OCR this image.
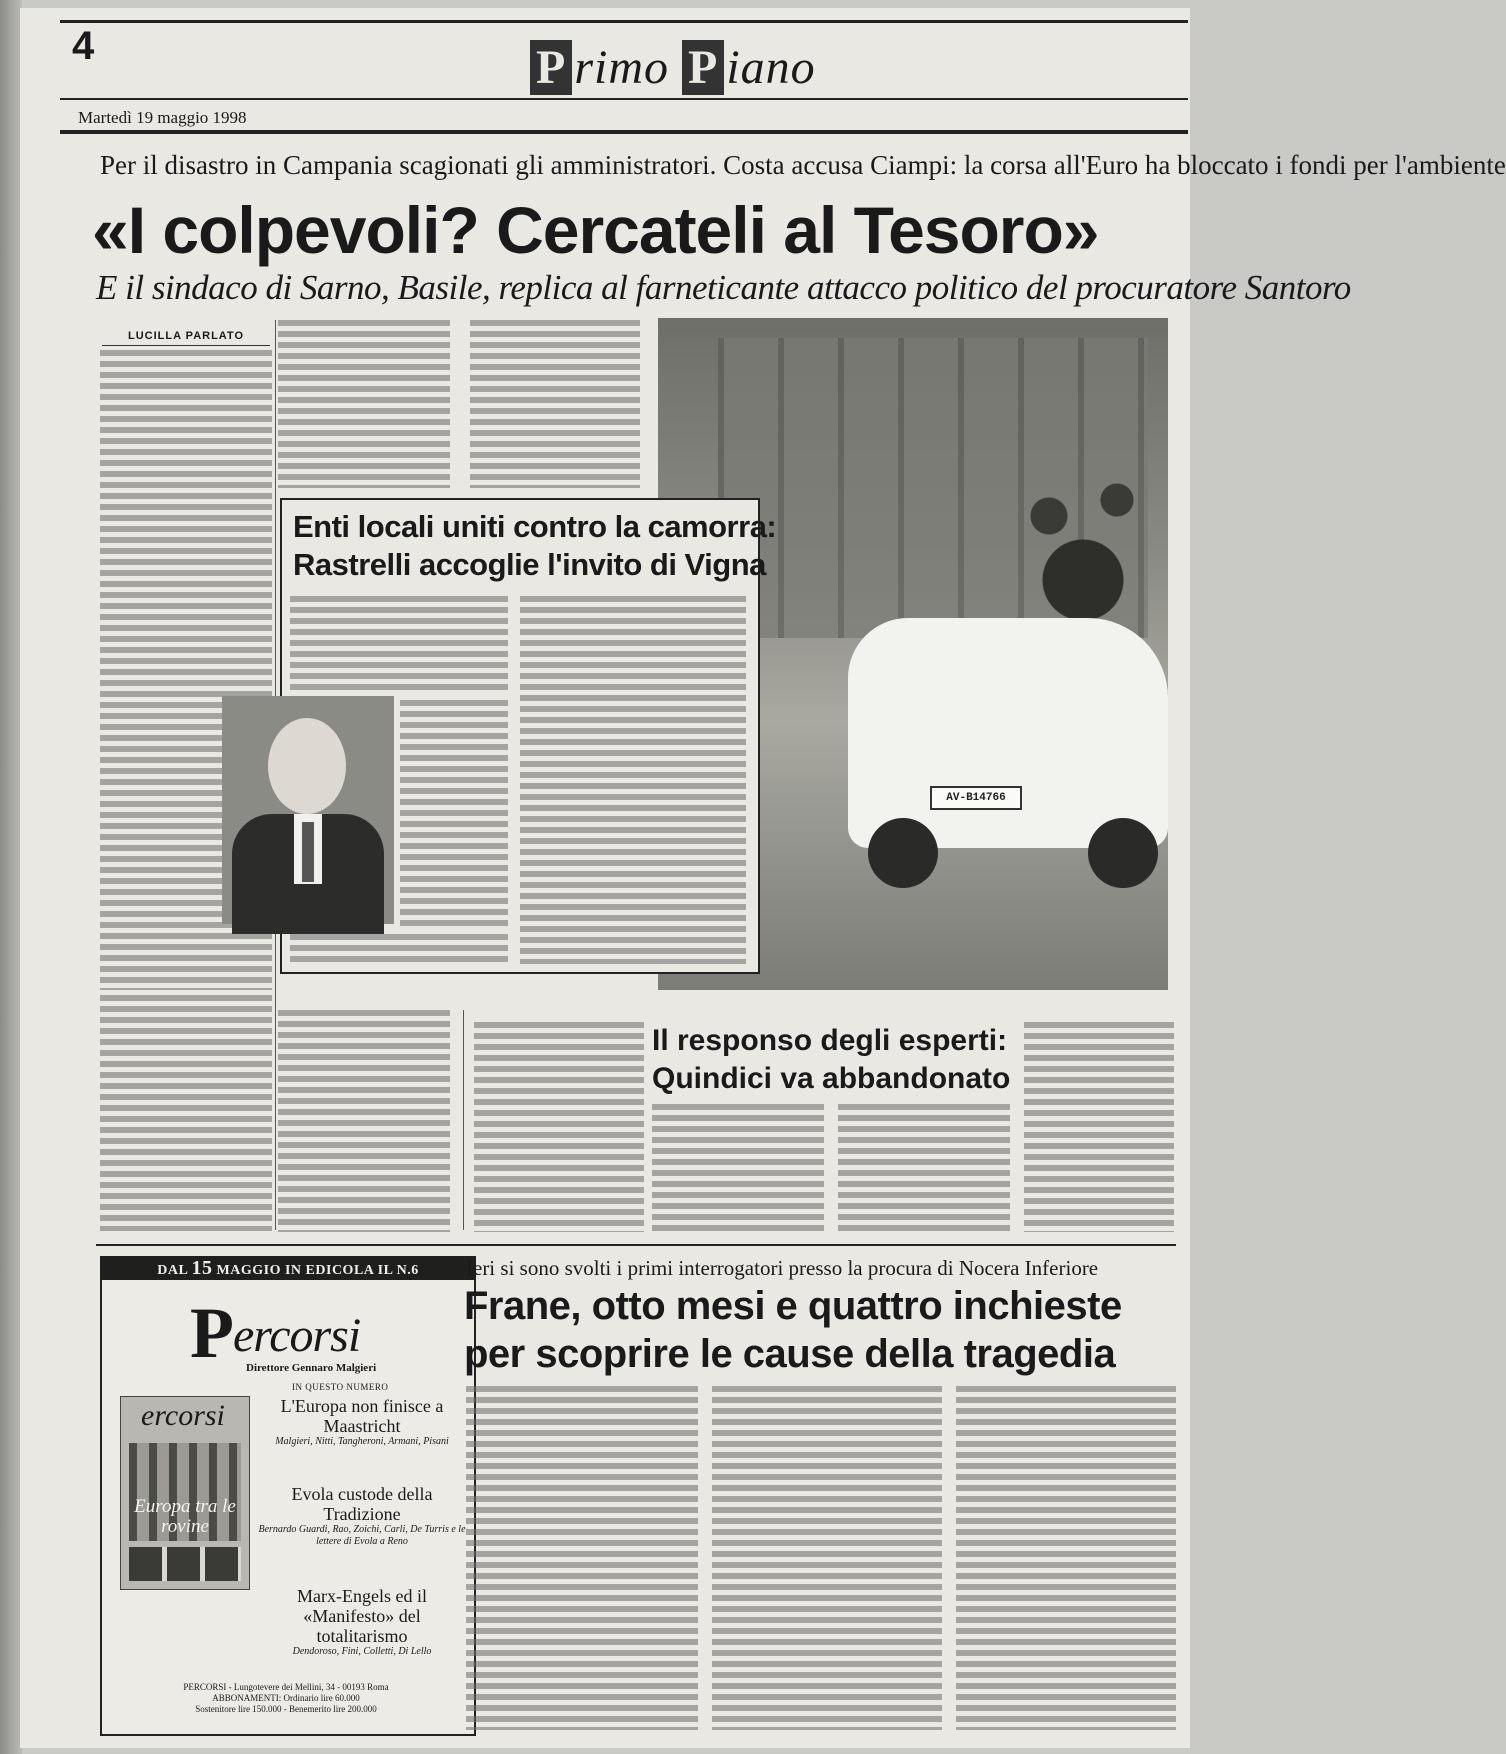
4	P rimo P iano
Martedì 19 maggio 1998
Per il disastro in Campania scagionati gli amministratori. Costa accusa Ciampi: la corsa all'Euro ha bloccato i fondi per l'ambiente
«I colpevoli? Cercateli al Tesoro»
E il sindaco di Sarno, Basile, replica al farneticante attacco politico del procuratore Santoro
LUCILLA PARLATO
AV-B14766
Enti locali uniti contro la camorra:
Rastrelli accoglie l'invito di Vigna
Il responso degli esperti:
Quindici va abbandonato
DAL 15 MAGGIO IN EDICOLA IL N.6
Percorsi
Direttore Gennaro Malgieri
IN QUESTO NUMERO
ercorsi
Europa tra le rovine
L'Europa non finisce a Maastricht
Malgieri, Nitti, Tangheroni, Armani, Pisani
Evola custode della Tradizione
Bernardo Guardi, Rao, Zoichi, Carli, De Turris e le lettere di Evola a Reno
Marx-Engels ed il «Manifesto» del totalitarismo
Dendoroso, Fini, Colletti, Di Lello
PERCORSI - Lungotevere dei Mellini, 34 - 00193 Roma
ABBONAMENTI: Ordinario lire 60.000
Sostenitore lire 150.000 - Benemerito lire 200.000
Ieri si sono svolti i primi interrogatori presso la procura di Nocera Inferiore
Frane, otto mesi e quattro inchieste
per scoprire le cause della tragedia
